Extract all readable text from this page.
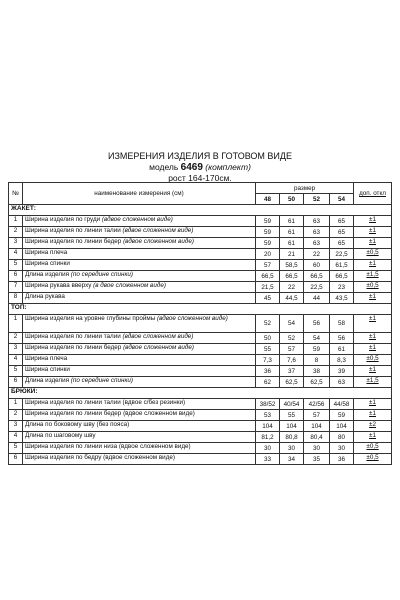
ИЗМЕРЕНИЯ ИЗДЕЛИЯ В ГОТОВОМ ВИДЕ
модель 6469 (комплект)
рост 164-170см.
№	наименование измерения (см)	размер				доп. откл
		48	50	52	54	
ЖАКЕТ:						
1	Ширина изделия по груди (вдвое сложенном виде)	59	61	63	65	±1
2	Ширина изделия по линии талии (вдвое сложенном виде)	59	61	63	65	±1
3	Ширина изделия по линии бедер (вдвое сложенном виде)	59	61	63	65	±1
4	Ширина плеча	20	21	22	22,5	±0,5
5	Ширина спинки	57	58,5	60	61,5	±1
6	Длина изделия (по середине спинки)	66,5	66,5	66,5	66,5	±1,5
7	Ширина рукава вверху (в двое сложенном виде)	21,5	22	22,5	23	±0,5
8	Длина рукава	45	44,5	44	43,5	±1
ТОП:						
1	Ширина изделия на уровне глубины проймы (вдвое сложенном виде)	52	54	56	58	±1
2	Ширина изделия по линии талии (вдвое сложенном виде)	50	52	54	56	±1
3	Ширина изделия по линии бедер (вдвое сложенном виде)	55	57	59	61	±1
4	Ширина плеча	7,3	7,6	8	8,3	±0,5
5	Ширина спинки	36	37	38	39	±1
6	Длина изделия (по середине спинки)	62	62,5	62,5	63	±1,5
БРЮКИ:						
1	Ширина изделия по линии талии (вдвое с/без резинки)	38/52	40/54	42/56	44/58	±1
2	Ширина изделия по линии бедер (вдвое сложенном виде)	53	55	57	59	±1
3	Длина по боковому шву (без пояса)	104	104	104	104	±2
4	Длина по шаговому шву	81,2	80,8	80,4	80	±1
5	Ширина изделия по линии низа (вдвое сложенном виде)	30	30	30	30	±0,5
6	Ширина изделия по бедру (вдвое сложенном виде)	33	34	35	36	±0,5
